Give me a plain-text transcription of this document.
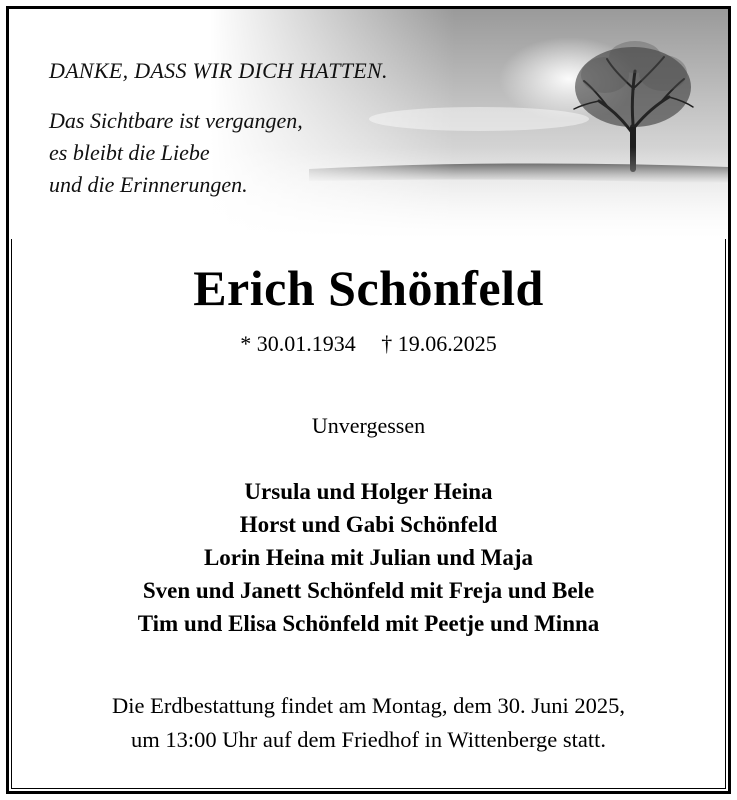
DANKE, DASS WIR DICH HATTEN.
Das Sichtbare ist vergangen,
es bleibt die Liebe
und die Erinnerungen.
Erich Schönfeld
* 30.01.1934 † 19.06.2025
Unvergessen
Ursula und Holger Heina
Horst und Gabi Schönfeld
Lorin Heina mit Julian und Maja
Sven und Janett Schönfeld mit Freja und Bele
Tim und Elisa Schönfeld mit Peetje und Minna
Die Erdbestattung findet am Montag, dem 30. Juni 2025,
um 13:00 Uhr auf dem Friedhof in Wittenberge statt.
